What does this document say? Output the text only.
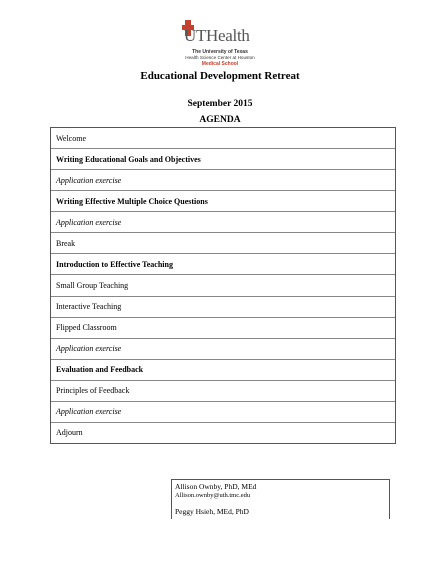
UTHealth
The University of Texas
Health Science Center at Houston
Medical School
Educational Development Retreat
September 2015
AGENDA
Welcome
Writing Educational Goals and Objectives
Application exercise
Writing Effective Multiple Choice Questions
Application exercise
Break
Introduction to Effective Teaching
Small Group Teaching
Interactive Teaching
Flipped Classroom
Application exercise
Evaluation and Feedback
Principles of Feedback
Application exercise
Adjourn
Allison Ownby, PhD, MEd
Allison.ownby@uth.tmc.edu
Peggy Hsieh, MEd, PhD
